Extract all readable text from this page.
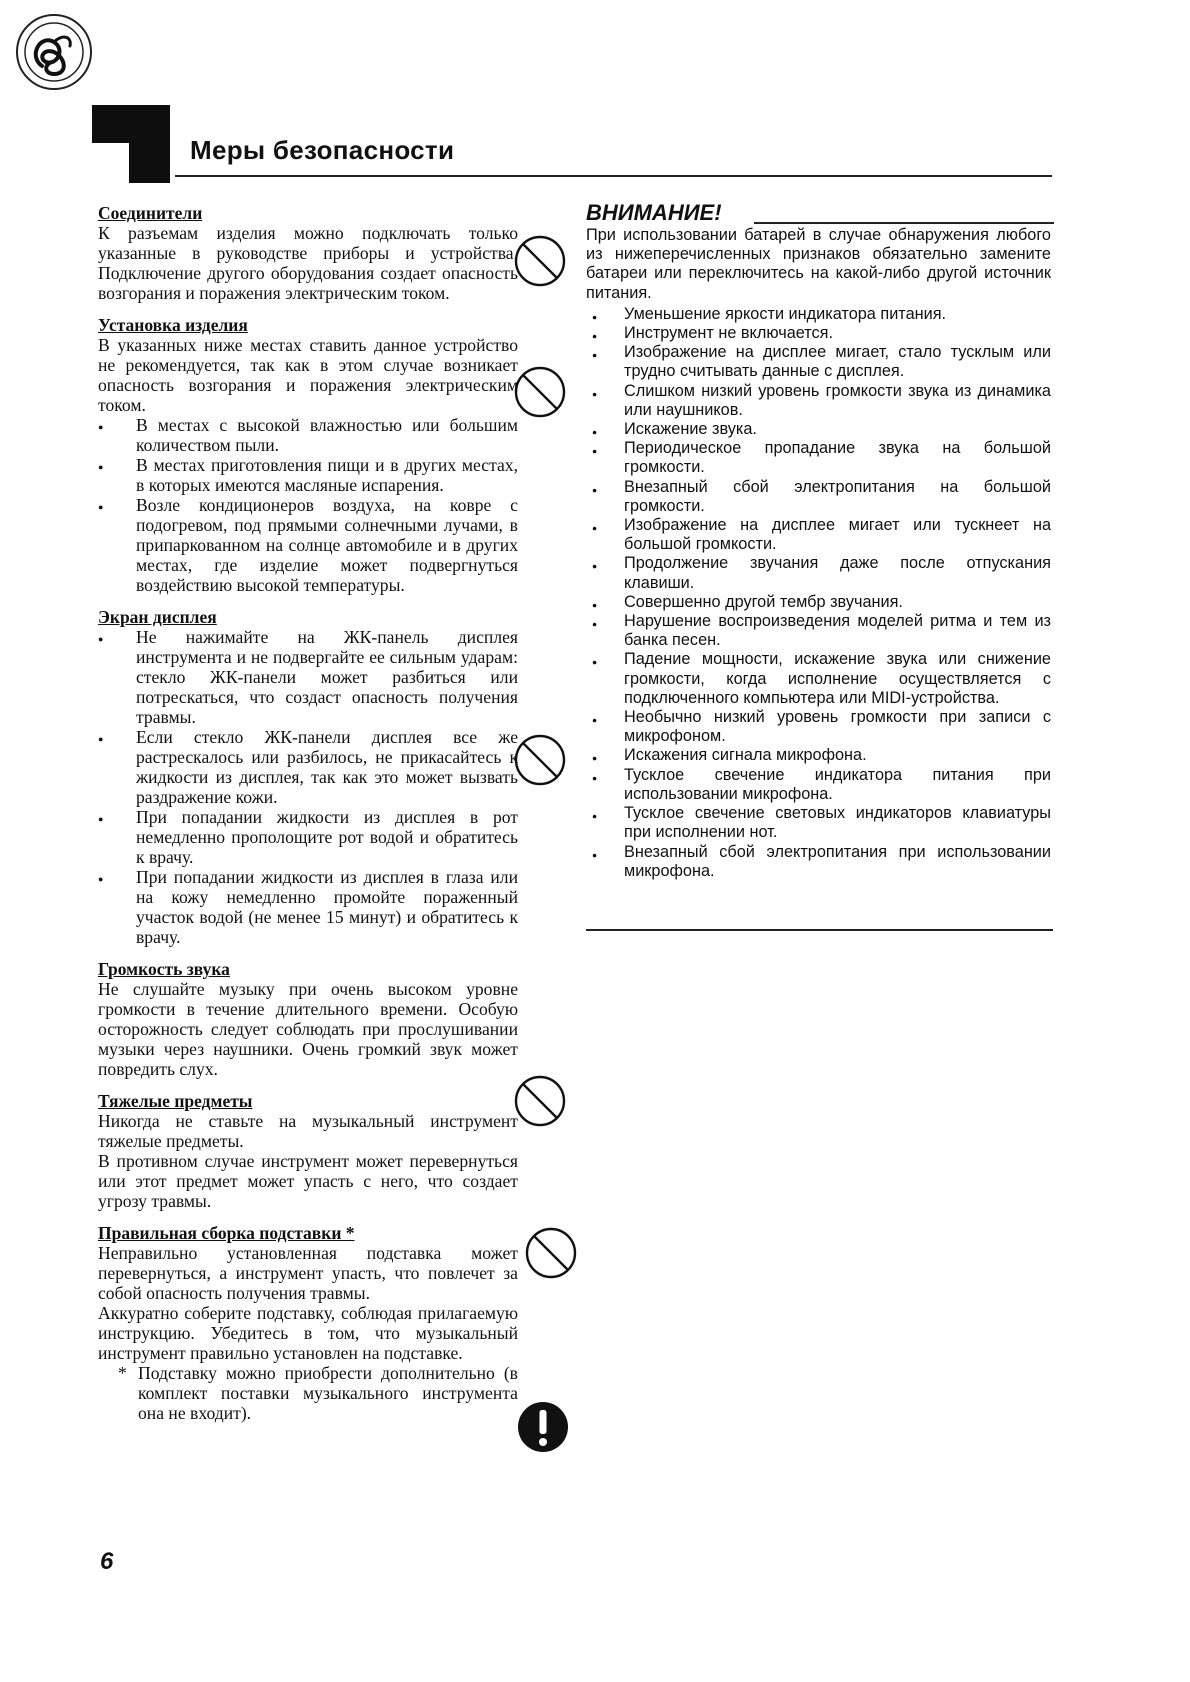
Меры безопасности
Соединители

К разъемам изделия можно подключать только указанные в руководстве приборы и устройства. Подключение другого оборудования создает опасность возгорания и поражения электрическим током.

Установка изделия

В указанных ниже местах ставить данное устройство не рекомендуется, так как в этом случае возникает опасность возгорания и поражения электрическим током.

● В местах с высокой влажностью или большим количеством пыли.
● В местах приготовления пищи и в других местах, в которых имеются масляные испарения.
● Возле кондиционеров воздуха, на ковре с подогревом, под прямыми солнечными лучами, в припаркованном на солнце автомобиле и в других местах, где изделие может подвергнуться воздействию высокой температуры.
Экран дисплея
● Не нажимайте на ЖК-панель дисплея инструмента и не подвергайте ее сильным ударам: стекло ЖК-панели может разбиться или потрескаться, что создаст опасность получения травмы.
● Если стекло ЖК-панели дисплея все же растрескалось или разбилось, не прикасайтесь к жидкости из дисплея, так как это может вызвать раздражение кожи.
● При попадании жидкости из дисплея в рот немедленно прополощите рот водой и обратитесь к врачу.
● При попадании жидкости из дисплея в глаза или на кожу немедленно промойте пораженный участок водой (не менее 15 минут) и обратитесь к врачу.
Громкость звука

Не слушайте музыку при очень высоком уровне громкости в течение длительного времени. Особую осторожность следует соблюдать при прослушивании музыки через наушники. Очень громкий звук может повредить слух.

Тяжелые предметы

Никогда не ставьте на музыкальный инструмент тяжелые предметы.

В противном случае инструмент может перевернуться или этот предмет может упасть с него, что создает угрозу травмы.

Правильная сборка подставки *

Неправильно установленная подставка может перевернуться, а инструмент упасть, что повлечет за собой опасность получения травмы.

Аккуратно соберите подставку, соблюдая прилагаемую инструкцию. Убедитесь в том, что музыкальный инструмент правильно установлен на подставке.

* Подставку можно приобрести дополнительно (в комплект поставки музыкального инструмента она не входит).
ВНИМАНИЕ!

При использовании батарей в случае обнаружения любого из нижеперечисленных признаков обязательно замените батареи или переключитесь на какой-либо другой источник питания.

● Уменьшение яркости индикатора питания.
● Инструмент не включается.
● Изображение на дисплее мигает, стало тусклым или трудно считывать данные с дисплея.
● Слишком низкий уровень громкости звука из динамика или наушников.
● Искажение звука.
● Периодическое пропадание звука на большой громкости.
● Внезапный сбой электропитания на большой громкости.
● Изображение на дисплее мигает или тускнеет на большой громкости.
● Продолжение звучания даже после отпускания клавиши.
● Совершенно другой тембр звучания.
● Нарушение воспроизведения моделей ритма и тем из банка песен.
● Падение мощности, искажение звука или снижение громкости, когда исполнение осуществляется с подключенного компьютера или MIDI-устройства.
● Необычно низкий уровень громкости при записи с микрофоном.
● Искажения сигнала микрофона.
● Тусклое свечение индикатора питания при использовании микрофона.
● Тусклое свечение световых индикаторов клавиатуры при исполнении нот.
● Внезапный сбой электропитания при использовании микрофона.
6
